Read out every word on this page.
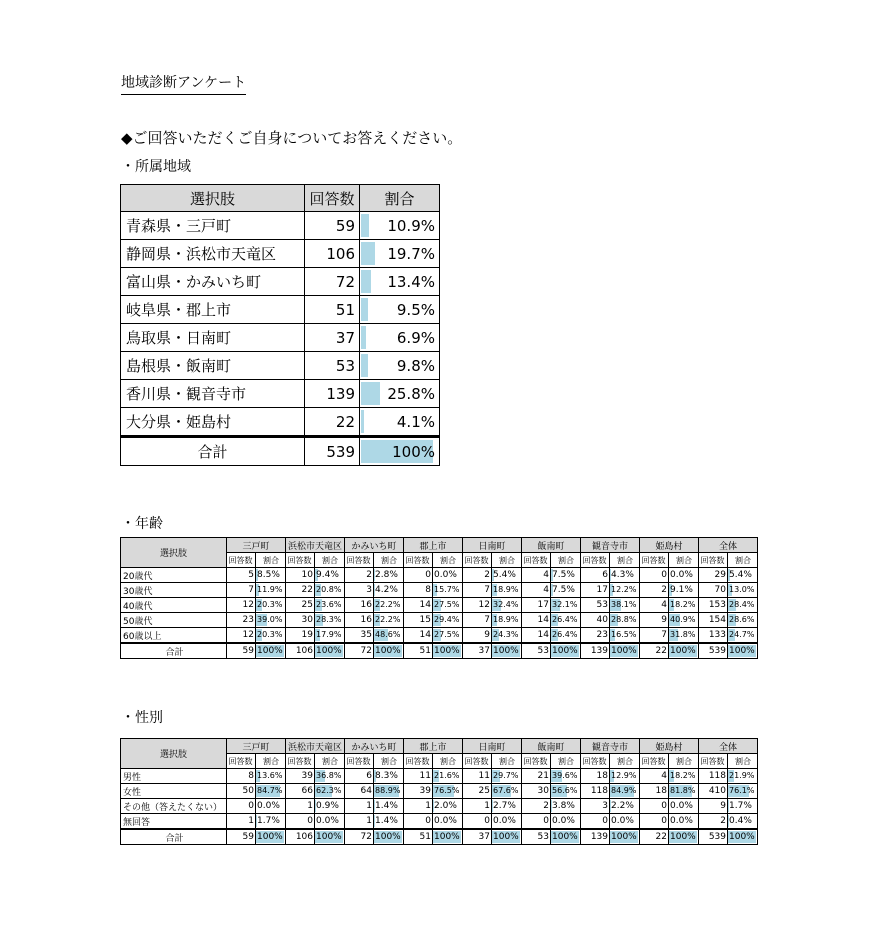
地域診断アンケート
◆ご回答いただくご自身についてお答えください。
・所属地域
選択肢	回答数	割合
青森県・三戸町	59	10.9%
静岡県・浜松市天竜区	106	19.7%
富山県・かみいち町	72	13.4%
岐阜県・郡上市	51	9.5%
鳥取県・日南町	37	6.9%
島根県・飯南町	53	9.8%
香川県・観音寺市	139	25.8%
大分県・姫島村	22	4.1%
合計	539	100%
・年齢
選択肢	三戸町		浜松市天竜区		かみいち町		郡上市		日南町		飯南町		観音寺市		姫島村		全体	
	回答数	割合	回答数	割合	回答数	割合	回答数	割合	回答数	割合	回答数	割合	回答数	割合	回答数	割合	回答数	割合
20歳代	5	8.5%	10	9.4%	2	2.8%	0	0.0%	2	5.4%	4	7.5%	6	4.3%	0	0.0%	29	5.4%
30歳代	7	11.9%	22	20.8%	3	4.2%	8	15.7%	7	18.9%	4	7.5%	17	12.2%	2	9.1%	70	13.0%
40歳代	12	20.3%	25	23.6%	16	22.2%	14	27.5%	12	32.4%	17	32.1%	53	38.1%	4	18.2%	153	28.4%
50歳代	23	39.0%	30	28.3%	16	22.2%	15	29.4%	7	18.9%	14	26.4%	40	28.8%	9	40.9%	154	28.6%
60歳以上	12	20.3%	19	17.9%	35	48.6%	14	27.5%	9	24.3%	14	26.4%	23	16.5%	7	31.8%	133	24.7%
合計	59	100%	106	100%	72	100%	51	100%	37	100%	53	100%	139	100%	22	100%	539	100%
・性別
選択肢	三戸町		浜松市天竜区		かみいち町		郡上市		日南町		飯南町		観音寺市		姫島村		全体	
	回答数	割合	回答数	割合	回答数	割合	回答数	割合	回答数	割合	回答数	割合	回答数	割合	回答数	割合	回答数	割合
男性	8	13.6%	39	36.8%	6	8.3%	11	21.6%	11	29.7%	21	39.6%	18	12.9%	4	18.2%	118	21.9%
女性	50	84.7%	66	62.3%	64	88.9%	39	76.5%	25	67.6%	30	56.6%	118	84.9%	18	81.8%	410	76.1%
その他（答えたくない）	0	0.0%	1	0.9%	1	1.4%	1	2.0%	1	2.7%	2	3.8%	3	2.2%	0	0.0%	9	1.7%
無回答	1	1.7%	0	0.0%	1	1.4%	0	0.0%	0	0.0%	0	0.0%	0	0.0%	0	0.0%	2	0.4%
合計	59	100%	106	100%	72	100%	51	100%	37	100%	53	100%	139	100%	22	100%	539	100%
